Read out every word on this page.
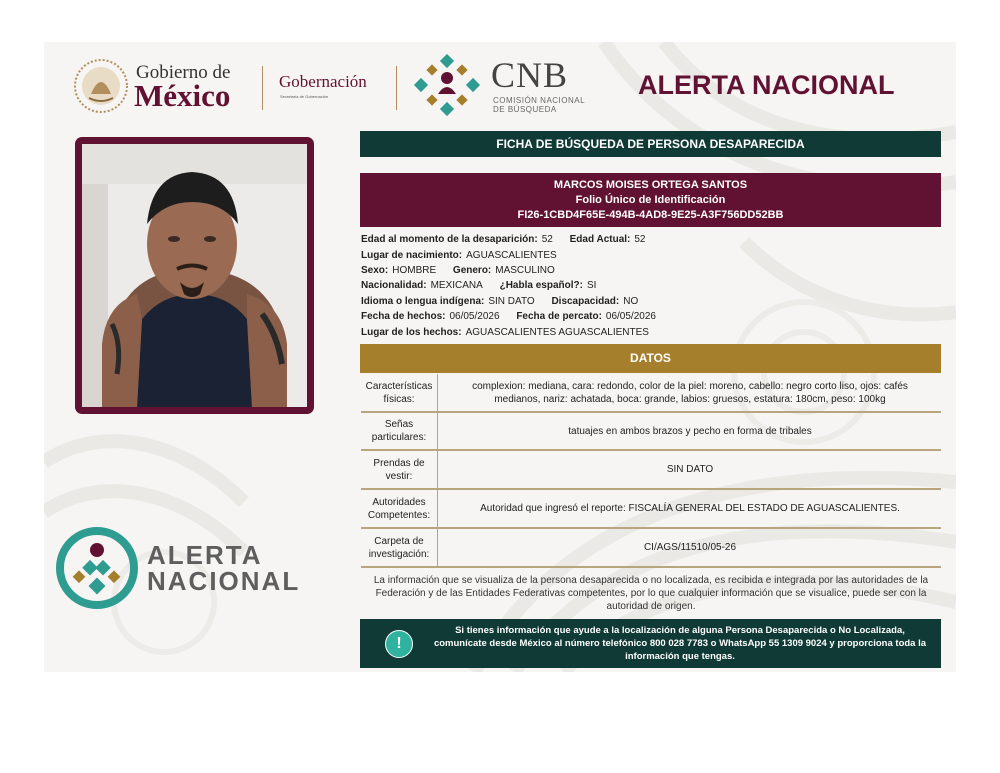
Gobierno de
México	Gobernación
Secretaría de Gobernación
CNB
COMISIÓN NACIONAL
DE BÚSQUEDA
ALERTA NACIONAL
ALERTA
NACIONAL
FICHA DE BÚSQUEDA DE PERSONA DESAPARECIDA
MARCOS MOISES ORTEGA SANTOS
Folio Único de Identificación
FI26-1CBD4F65E-494B-4AD8-9E25-A3F756DD52BB
Edad al momento de la desaparición: 52 Edad Actual: 52
Lugar de nacimiento: AGUASCALIENTES
Sexo: HOMBRE Genero: MASCULINO
Nacionalidad: MEXICANA ¿Habla español?: SI
Idioma o lengua indígena: SIN DATO Discapacidad: NO
Fecha de hechos: 06/05/2026 Fecha de percato: 06/05/2026
Lugar de los hechos: AGUASCALIENTES AGUASCALIENTES
DATOS
Características físicas:
complexion: mediana, cara: redondo, color de la piel: moreno, cabello: negro corto liso, ojos: cafés medianos, nariz: achatada, boca: grande, labios: gruesos, estatura: 180cm, peso: 100kg
Señas particulares:
tatuajes en ambos brazos y pecho en forma de tribales
Prendas de vestir:
SIN DATO
Autoridades Competentes:
Autoridad que ingresó el reporte: FISCALÍA GENERAL DEL ESTADO DE AGUASCALIENTES.
Carpeta de investigación:
CI/AGS/11510/05-26
La información que se visualiza de la persona desaparecida o no localizada, es recibida e integrada por las autoridades de la Federación y de las Entidades Federativas competentes, por lo que cualquier información que se visualice, puede ser con la autoridad de origen.
!
Si tienes información que ayude a la localización de alguna Persona Desaparecida o No Localizada, comunícate desde México al número telefónico 800 028 7783 o WhatsApp 55 1309 9024 y proporciona toda la información que tengas.
